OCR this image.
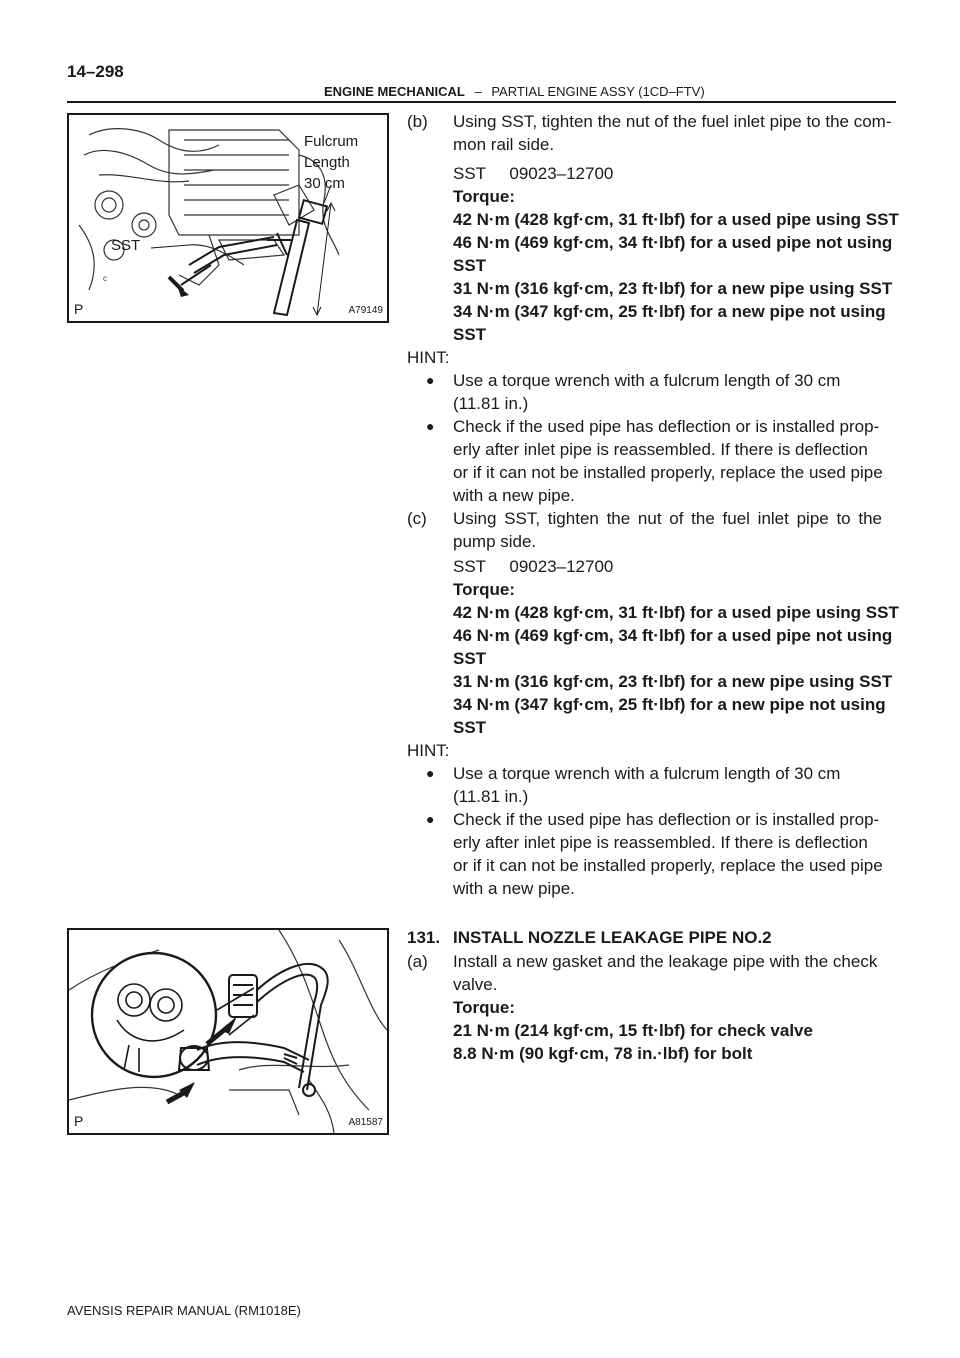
14–298
ENGINE MECHANICAL – PARTIAL ENGINE ASSY (1CD–FTV)
c
Fulcrum
Length
30 cm
SST
P	A79149
P	A81587
(b) Using SST, tighten the nut of the fuel inlet pipe to the com-
mon rail side.
SST     09023–12700
Torque:
42 N·m (428 kgf·cm, 31 ft·lbf) for a used pipe using SST
46 N·m (469 kgf·cm, 34 ft·lbf) for a used pipe not using
SST
31 N·m (316 kgf·cm, 23 ft·lbf) for a new pipe using SST
34 N·m (347 kgf·cm, 25 ft·lbf) for a new pipe not using
SST
HINT:
● Use a torque wrench with a fulcrum length of 30 cm
(11.81 in.)
● Check if the used pipe has deflection or is installed prop-
erly after inlet pipe is reassembled. If there is deflection
or if it can not be installed properly, replace the used pipe
with a new pipe.
(c) Using SST, tighten the nut of the fuel inlet pipe to the
pump side.
SST     09023–12700
Torque:
42 N·m (428 kgf·cm, 31 ft·lbf) for a used pipe using SST
46 N·m (469 kgf·cm, 34 ft·lbf) for a used pipe not using
SST
31 N·m (316 kgf·cm, 23 ft·lbf) for a new pipe using SST
34 N·m (347 kgf·cm, 25 ft·lbf) for a new pipe not using
SST
HINT:
● Use a torque wrench with a fulcrum length of 30 cm
(11.81 in.)
● Check if the used pipe has deflection or is installed prop-
erly after inlet pipe is reassembled. If there is deflection
or if it can not be installed properly, replace the used pipe
with a new pipe.
131. INSTALL NOZZLE LEAKAGE PIPE NO.2
(a) Install a new gasket and the leakage pipe with the check
valve.
Torque:
21 N·m (214 kgf·cm, 15 ft·lbf) for check valve
8.8 N·m (90 kgf·cm, 78 in.·lbf) for bolt
AVENSIS REPAIR MANUAL (RM1018E)
